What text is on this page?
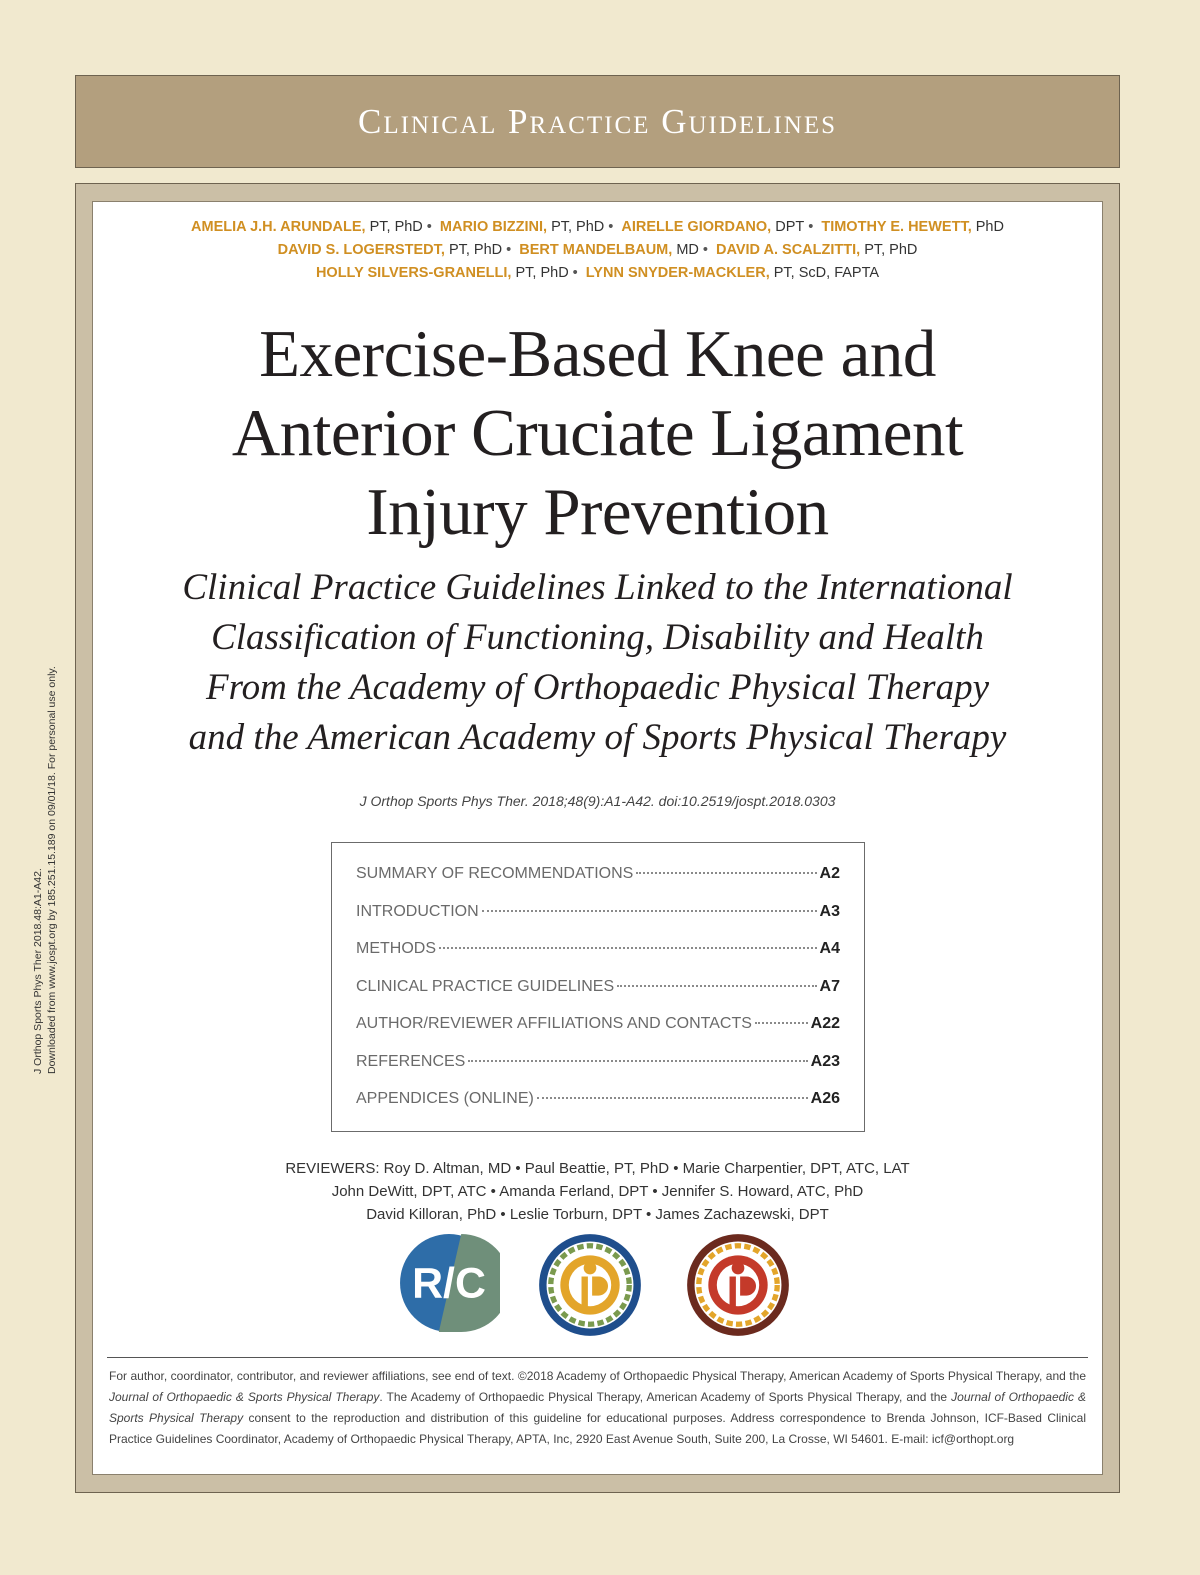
Clinical Practice Guidelines
AMELIA J.H. ARUNDALE, PT, PhD • MARIO BIZZINI, PT, PhD • AIRELLE GIORDANO, DPT • TIMOTHY E. HEWETT, PhD
DAVID S. LOGERSTEDT, PT, PhD • BERT MANDELBAUM, MD • DAVID A. SCALZITTI, PT, PhD
HOLLY SILVERS-GRANELLI, PT, PhD • LYNN SNYDER-MACKLER, PT, ScD, FAPTA
Exercise-Based Knee and
Anterior Cruciate Ligament
Injury Prevention
Clinical Practice Guidelines Linked to the International
Classification of Functioning, Disability and Health
From the Academy of Orthopaedic Physical Therapy
and the American Academy of Sports Physical Therapy
J Orthop Sports Phys Ther. 2018;48(9):A1-A42. doi:10.2519/jospt.2018.0303
SUMMARY OF RECOMMENDATIONS	A2
INTRODUCTION	A3
METHODS	A4
CLINICAL PRACTICE GUIDELINES	A7
AUTHOR/REVIEWER AFFILIATIONS AND CONTACTS	A22
REFERENCES	A23
APPENDICES (ONLINE)	A26
REVIEWERS: Roy D. Altman, MD • Paul Beattie, PT, PhD • Marie Charpentier, DPT, ATC, LAT
John DeWitt, DPT, ATC • Amanda Ferland, DPT • Jennifer S. Howard, ATC, PhD
David Killoran, PhD • Leslie Torburn, DPT • James Zachazewski, DPT
R/C
For author, coordinator, contributor, and reviewer affiliations, see end of text. ©2018 Academy of Orthopaedic Physical Therapy, American Academy of Sports Physical Therapy, and the Journal of Orthopaedic & Sports Physical Therapy. The Academy of Orthopaedic Physical Therapy, American Academy of Sports Physical Therapy, and the Journal of Orthopaedic & Sports Physical Therapy consent to the reproduction and distribution of this guideline for educational purposes. Address correspondence to Brenda Johnson, ICF-Based Clinical Practice Guidelines Coordinator, Academy of Orthopaedic Physical Therapy, APTA, Inc, 2920 East Avenue South, Suite 200, La Crosse, WI 54601. E-mail: icf@orthopt.org
J Orthop Sports Phys Ther 2018.48:A1-A42. Downloaded from www.jospt.org by 185.251.15.189 on 09/01/18. For personal use only.
